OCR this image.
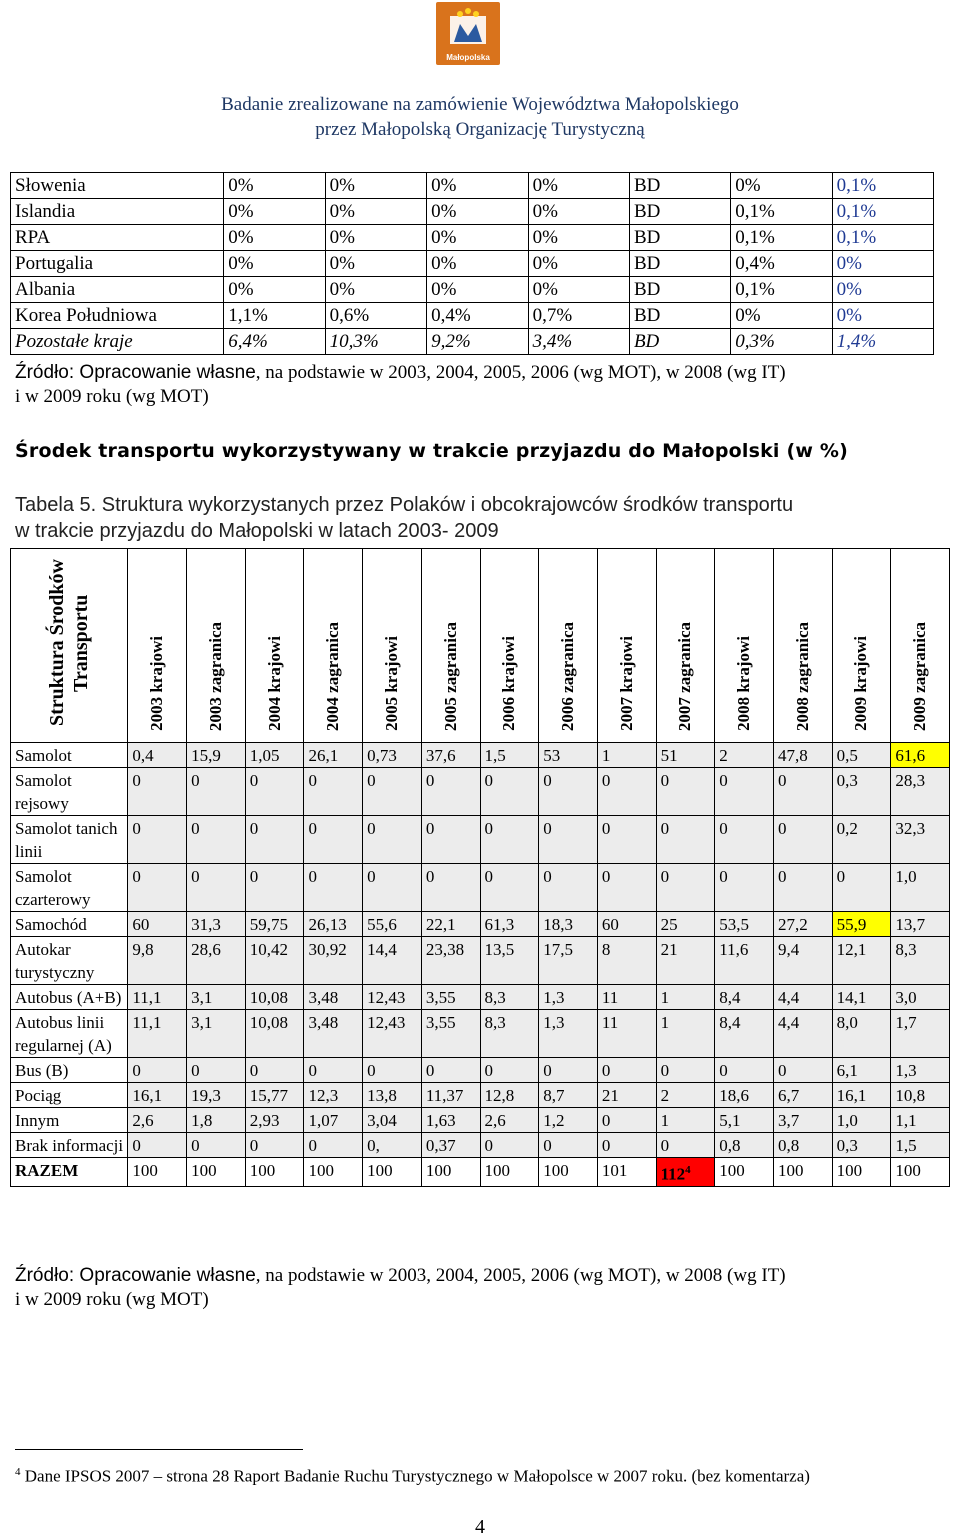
Małopolska
Badanie zrealizowane na zamówienie Województwa Małopolskiego
przez Małopolską Organizację Turystyczną
Słowenia	0%	0%	0%	0%	BD	0%	0,1%
Islandia	0%	0%	0%	0%	BD	0,1%	0,1%
RPA	0%	0%	0%	0%	BD	0,1%	0,1%
Portugalia	0%	0%	0%	0%	BD	0,4%	0%
Albania	0%	0%	0%	0%	BD	0,1%	0%
Korea Południowa	1,1%	0,6%	0,4%	0,7%	BD	0%	0%
Pozostałe kraje	6,4%	10,3%	9,2%	3,4%	BD	0,3%	1,4%
Źródło: Opracowanie własne, na podstawie w 2003, 2004, 2005, 2006 (wg MOT), w 2008 (wg IT)
i w 2009 roku (wg MOT)
Środek transportu wykorzystywany w trakcie przyjazdu do Małopolski (w %)
Tabela 5. Struktura wykorzystanych przez Polaków i obcokrajowców środków transportu
w trakcie przyjazdu do Małopolski w latach 2003- 2009
Struktura Środków Transportu	2003 krajowi	2003 zagranica	2004 krajowi	2004 zagranica	2005 krajowi	2005 zagranica	2006 krajowi	2006 zagranica	2007 krajowi	2007 zagranica	2008 krajowi	2008 zagranica	2009 krajowi	2009 zagranica
Samolot	0,4	15,9	1,05	26,1	0,73	37,6	1,5	53	1	51	2	47,8	0,5	61,6
Samolot rejsowy	0	0	0	0	0	0	0	0	0	0	0	0	0,3	28,3
Samolot tanich linii	0	0	0	0	0	0	0	0	0	0	0	0	0,2	32,3
Samolot czarterowy	0	0	0	0	0	0	0	0	0	0	0	0	0	1,0
Samochód	60	31,3	59,75	26,13	55,6	22,1	61,3	18,3	60	25	53,5	27,2	55,9	13,7
Autokar turystyczny	9,8	28,6	10,42	30,92	14,4	23,38	13,5	17,5	8	21	11,6	9,4	12,1	8,3
Autobus (A+B)	11,1	3,1	10,08	3,48	12,43	3,55	8,3	1,3	11	1	8,4	4,4	14,1	3,0
Autobus linii regularnej (A)	11,1	3,1	10,08	3,48	12,43	3,55	8,3	1,3	11	1	8,4	4,4	8,0	1,7
Bus (B)	0	0	0	0	0	0	0	0	0	0	0	0	6,1	1,3
Pociąg	16,1	19,3	15,77	12,3	13,8	11,37	12,8	8,7	21	2	18,6	6,7	16,1	10,8
Innym	2,6	1,8	2,93	1,07	3,04	1,63	2,6	1,2	0	1	5,1	3,7	1,0	1,1
Brak informacji	0	0	0	0	0,	0,37	0	0	0	0	0,8	0,8	0,3	1,5
RAZEM	100	100	100	100	100	100	100	100	101	$112^4$	100	100	100	100
Źródło: Opracowanie własne, na podstawie w 2003, 2004, 2005, 2006 (wg MOT), w 2008 (wg IT)
i w 2009 roku (wg MOT)
$^4$ Dane IPSOS 2007 – strona 28 Raport Badanie Ruchu Turystycznego w Małopolsce w 2007 roku. (bez komentarza)
4
